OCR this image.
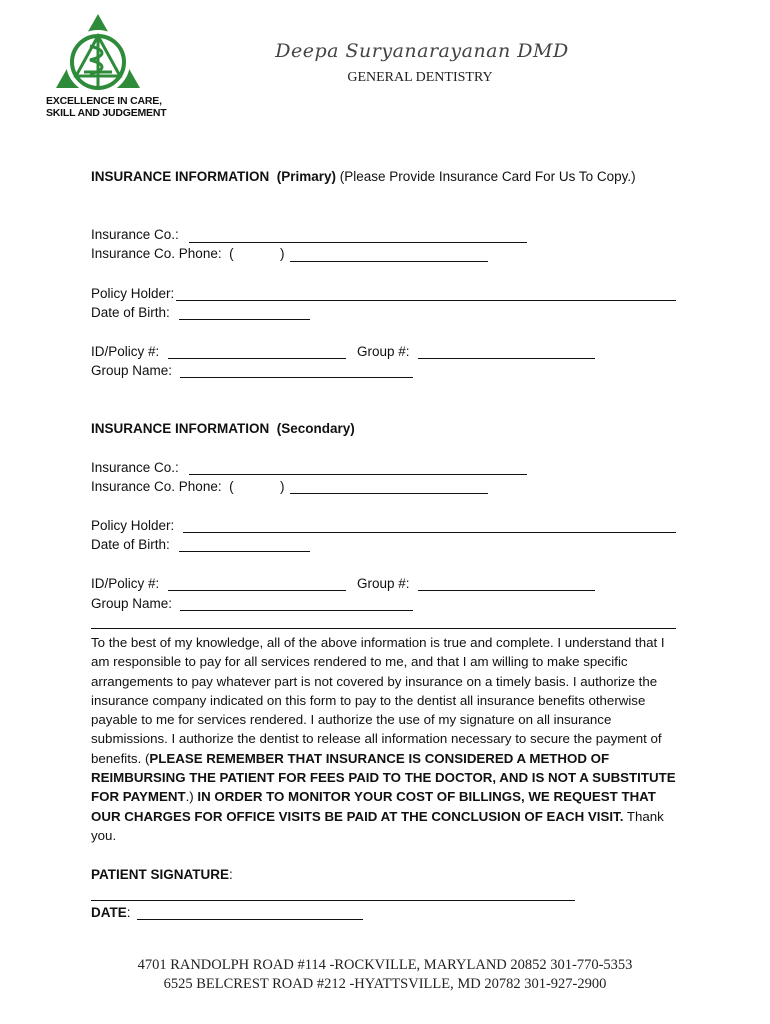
EXCELLENCE IN CARE,
SKILL AND JUDGEMENT
Deepa Suryanarayanan DMD
GENERAL DENTISTRY
INSURANCE INFORMATION  (Primary) (Please Provide Insurance Card For Us To Copy.)
Insurance Co.:
Insurance Co. Phone:  (	)
Policy Holder:
Date of Birth:
ID/Policy #:	Group #:
Group Name:
INSURANCE INFORMATION  (Secondary)
Insurance Co.:
Insurance Co. Phone:  (	)
Policy Holder:
Date of Birth:
ID/Policy #:	Group #:
Group Name:
To the best of my knowledge, all of the above information is true and complete. I understand that I am responsible to pay for all services rendered to me, and that I am willing to make specific arrangements to pay whatever part is not covered by insurance on a timely basis. I authorize the insurance company indicated on this form to pay to the dentist all insurance benefits otherwise payable to me for services rendered. I authorize the use of my signature on all insurance submissions. I authorize the dentist to release all information necessary to secure the payment of benefits. (PLEASE REMEMBER THAT INSURANCE IS CONSIDERED A METHOD OF REIMBURSING THE PATIENT FOR FEES PAID TO THE DOCTOR, AND IS NOT A SUBSTITUTE FOR PAYMENT.) IN ORDER TO MONITOR YOUR COST OF BILLINGS, WE REQUEST THAT OUR CHARGES FOR OFFICE VISITS BE PAID AT THE CONCLUSION OF EACH VISIT. Thank you.
PATIENT SIGNATURE:
DATE:
4701 RANDOLPH ROAD #114 -ROCKVILLE, MARYLAND 20852 301-770-5353
6525 BELCREST ROAD #212 -HYATTSVILLE, MD 20782 301-927-2900
